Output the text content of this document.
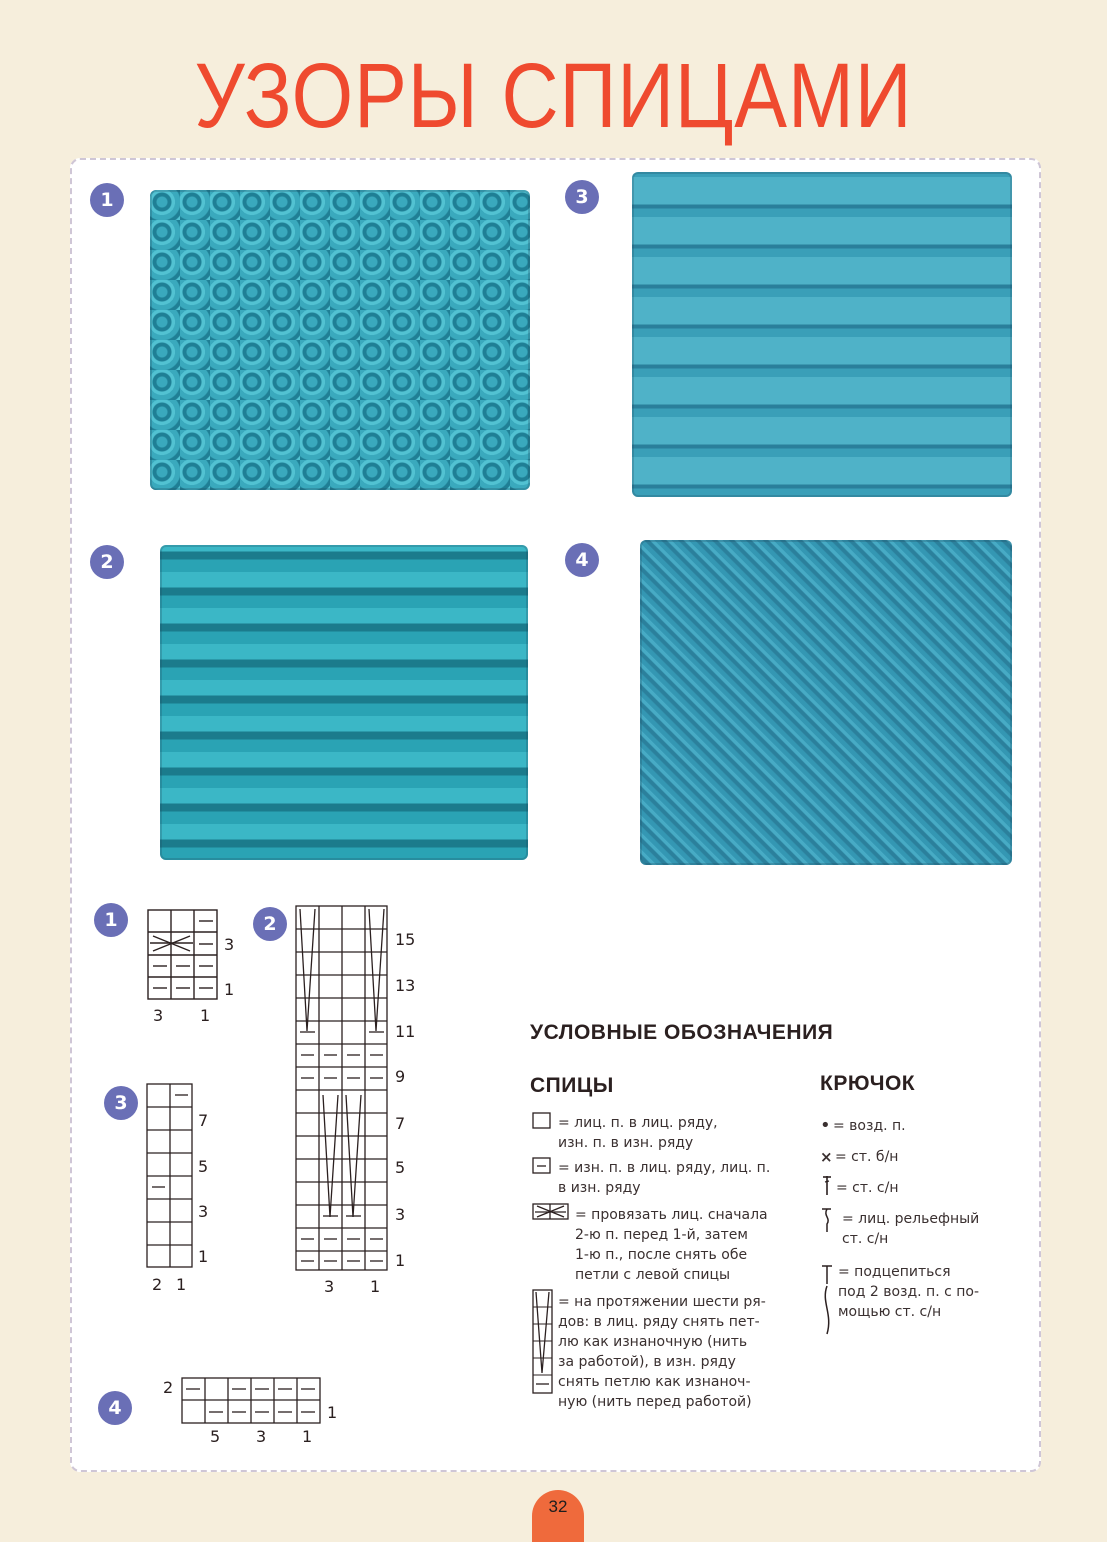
УЗОРЫ СПИЦАМИ
1
2
3
4
1
3
1
3 1
2
15
13
11
9
7
5
3
1
3 1
3
7
5
3
1
2 1
4
2
1
5 3 1
УСЛОВНЫЕ ОБОЗНАЧЕНИЯ
СПИЦЫ	КРЮЧОК
= лиц. п. в лиц. ряду,
изн. п. в изн. ряду
= изн. п. в лиц. ряду, лиц. п.
в изн. ряду
= провязать лиц. сначала
2-ю п. перед 1-й, затем
1-ю п., после снять обе
петли с левой спицы
= на протяжении шести ря-
дов: в лиц. ряду снять пет-
лю как изнаночную (нить
за работой), в изн. ряду
снять петлю как изнаноч-
ную (нить перед работой)
• = возд. п.
× = ст. б/н
= ст. с/н
= лиц. рельефный
ст. с/н
= подцепиться
под 2 возд. п. с по-
мощью ст. с/н
32
